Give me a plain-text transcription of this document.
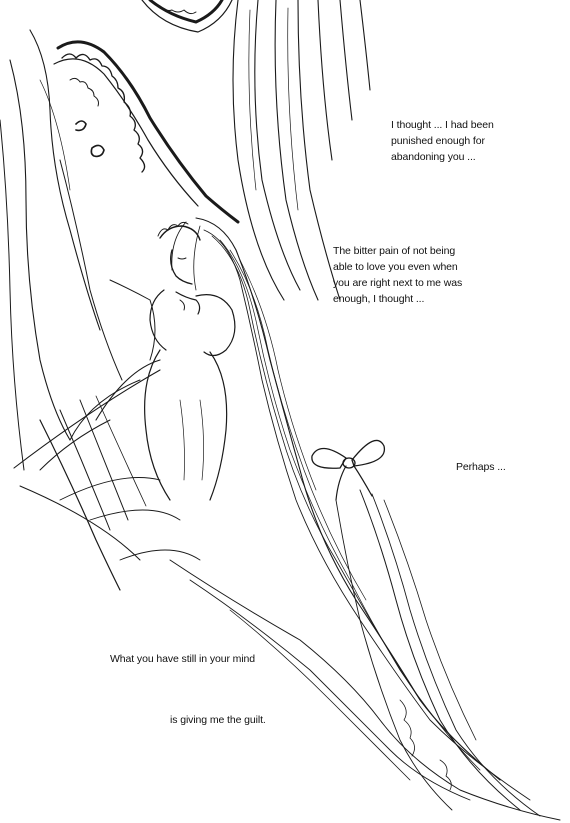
I thought ... I had been
punished enough for
abandoning you ...
The bitter pain of not being
able to love you even when
you are right next to me was
enough, I thought ...
Perhaps ...
What you have still in your mind
is giving me the guilt.
